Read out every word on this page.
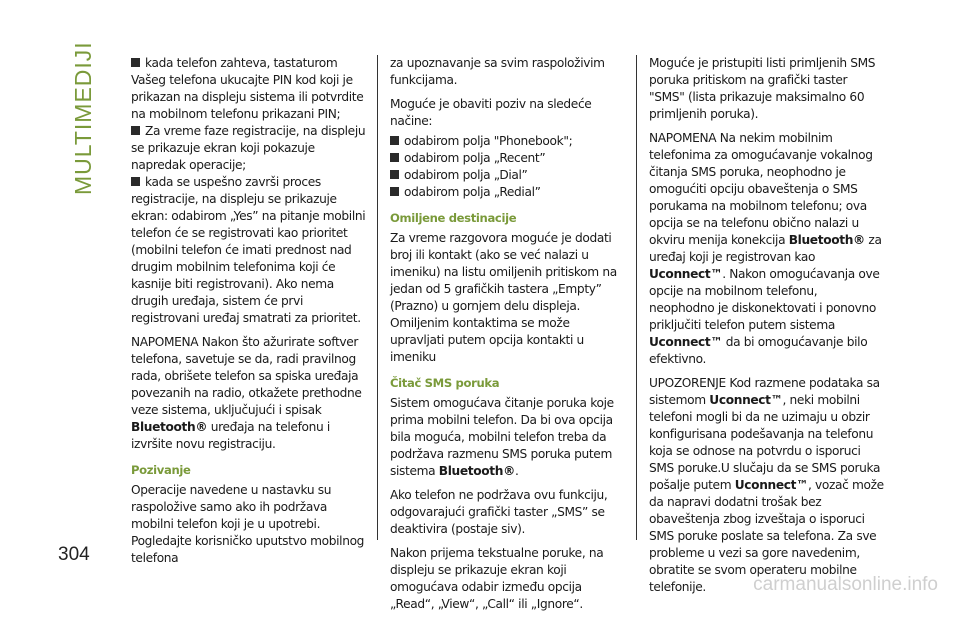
MULTIMEDIJI	kada telefon zahteva, tastaturom Vašeg telefona ukucajte PIN kod koji je prikazan na displeju sistema ili potvrdite na mobilnom telefonu prikazani PIN;
Za vreme faze registracije, na displeju se prikazuje ekran koji pokazuje napredak operacije;
kada se uspešno završi proces registracije, na displeju se prikazuje ekran: odabirom „Yes” na pitanje mobilni telefon će se registrovati kao prioritet (mobilni telefon će imati prednost nad drugim mobilnim telefonima koji će kasnije biti registrovani). Ako nema drugih uređaja, sistem će prvi registrovani uređaj smatrati za prioritet.

NAPOMENA Nakon što ažurirate softver telefona, savetuje se da, radi pravilnog rada, obrišete telefon sa spiska uređaja povezanih na radio, otkažete prethodne veze sistema, uključujući i spisak
Bluetooth® uređaja na telefonu i izvršite novu registraciju.

Pozivanje

Operacije navedene u nastavku su raspoložive samo ako ih podržava mobilni telefon koji je u upotrebi. Pogledajte korisničko uputstvo mobilnog telefona

za upoznavanje sa svim raspoloživim funkcijama.

Moguće je obaviti poziv na sledeće načine:

odabirom polja "Phonebook";
odabirom polja „Recent”
odabirom polja „Dial”
odabirom polja „Redial”
Omiljene destinacije

Za vreme razgovora moguće je dodati broj ili kontakt (ako se već nalazi u imeniku) na listu omiljenih pritiskom na jedan od 5 grafičkih tastera „Empty” (Prazno) u gornjem delu displeja. Omiljenim kontaktima se može upravljati putem opcija kontakti u imeniku

Čitač SMS poruka

Sistem omogućava čitanje poruka koje prima mobilni telefon. Da bi ova opcija bila moguća, mobilni telefon treba da podržava razmenu SMS poruka putem sistema Bluetooth®.

Ako telefon ne podržava ovu funkciju, odgovarajući grafički taster „SMS” se deaktivira (postaje siv).

Nakon prijema tekstualne poruke, na displeju se prikazuje ekran koji omogućava odabir između opcija „Read“, „View“, „Call“ ili „Ignore“.

Moguće je pristupiti listi primljenih SMS poruka pritiskom na grafički taster "SMS" (lista prikazuje maksimalno 60 primljenih poruka).

NAPOMENA Na nekim mobilnim telefonima za omogućavanje vokalnog čitanja SMS poruka, neophodno je omogućiti opciju obaveštenja o SMS porukama na mobilnom telefonu; ova opcija se na telefonu obično nalazi u okviru menija konekcija Bluetooth® za uređaj koji je registrovan kao Uconnect™. Nakon omogućavanja ove opcije na mobilnom telefonu, neophodno je diskonektovati i ponovno priključiti telefon putem sistema Uconnect™ da bi omogućavanje bilo efektivno.

UPOZORENJE Kod razmene podataka sa sistemom Uconnect™, neki mobilni telefoni mogli bi da ne uzimaju u obzir konfigurisana podešavanja na telefonu koja se odnose na potvrdu o isporuci SMS poruke.U slučaju da se SMS poruka pošalje putem Uconnect™, vozač može da napravi dodatni trošak bez obaveštenja zbog izveštaja o isporuci SMS poruke poslate sa telefona. Za sve probleme u vezi sa gore navedenim, obratite se svom operateru mobilne telefonije.

304
carmanualsonline.info
